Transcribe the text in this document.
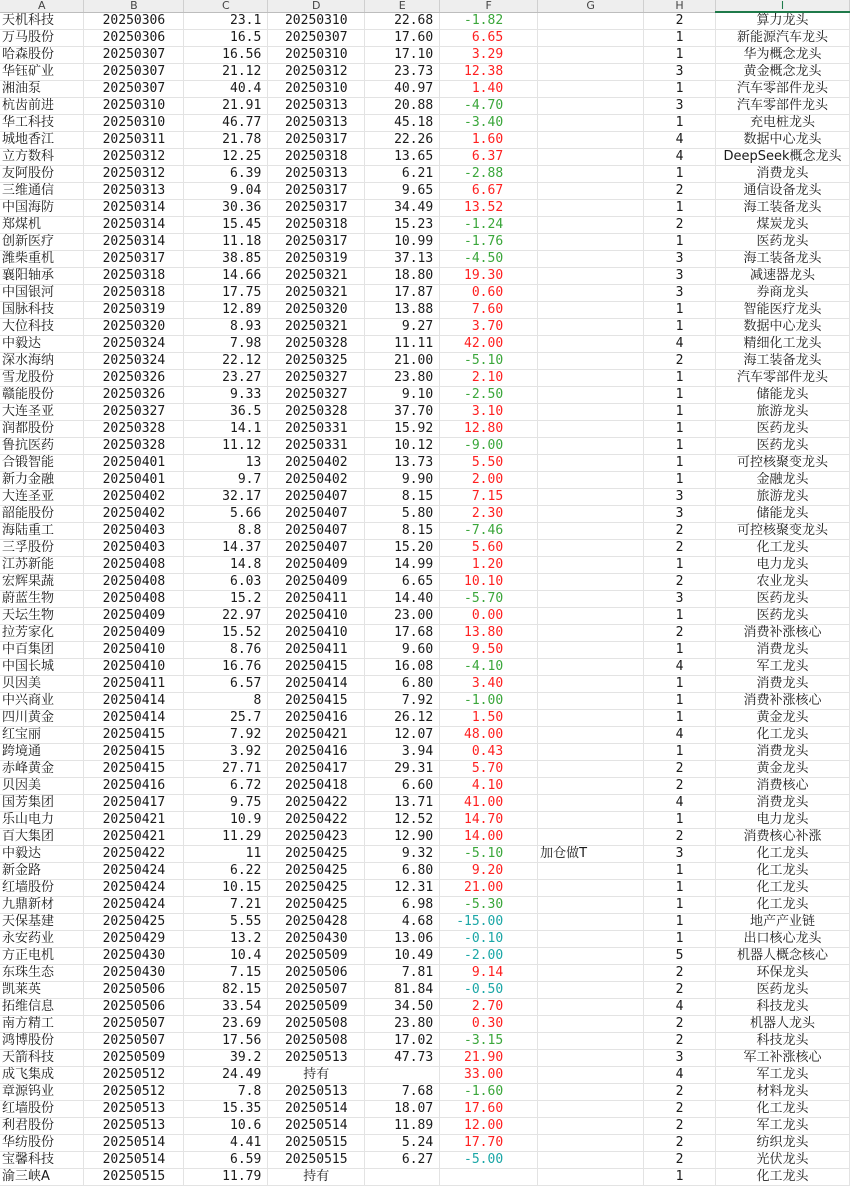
A	B	C	D	E	F	G	H	I
天机科技	20250306	23.1	20250310	22.68	-1.82		2	算力龙头
万马股份	20250306	16.5	20250307	17.60	6.65		1	新能源汽车龙头
哈森股份	20250307	16.56	20250310	17.10	3.29		1	华为概念龙头
华钰矿业	20250307	21.12	20250312	23.73	12.38		3	黄金概念龙头
湘油泵	20250307	40.4	20250310	40.97	1.40		1	汽车零部件龙头
杭齿前进	20250310	21.91	20250313	20.88	-4.70		3	汽车零部件龙头
华工科技	20250310	46.77	20250313	45.18	-3.40		1	充电桩龙头
城地香江	20250311	21.78	20250317	22.26	1.60		4	数据中心龙头
立方数科	20250312	12.25	20250318	13.65	6.37		4	DeepSeek概念龙头
友阿股份	20250312	6.39	20250313	6.21	-2.88		1	消费龙头
三维通信	20250313	9.04	20250317	9.65	6.67		2	通信设备龙头
中国海防	20250314	30.36	20250317	34.49	13.52		1	海工装备龙头
郑煤机	20250314	15.45	20250318	15.23	-1.24		2	煤炭龙头
创新医疗	20250314	11.18	20250317	10.99	-1.76		1	医药龙头
潍柴重机	20250317	38.85	20250319	37.13	-4.50		3	海工装备龙头
襄阳轴承	20250318	14.66	20250321	18.80	19.30		3	减速器龙头
中国银河	20250318	17.75	20250321	17.87	0.60		3	券商龙头
国脉科技	20250319	12.89	20250320	13.88	7.60		1	智能医疗龙头
大位科技	20250320	8.93	20250321	9.27	3.70		1	数据中心龙头
中毅达	20250324	7.98	20250328	11.11	42.00		4	精细化工龙头
深水海纳	20250324	22.12	20250325	21.00	-5.10		2	海工装备龙头
雪龙股份	20250326	23.27	20250327	23.80	2.10		1	汽车零部件龙头
赣能股份	20250326	9.33	20250327	9.10	-2.50		1	储能龙头
大连圣亚	20250327	36.5	20250328	37.70	3.10		1	旅游龙头
润都股份	20250328	14.1	20250331	15.92	12.80		1	医药龙头
鲁抗医药	20250328	11.12	20250331	10.12	-9.00		1	医药龙头
合锻智能	20250401	13	20250402	13.73	5.50		1	可控核聚变龙头
新力金融	20250401	9.7	20250402	9.90	2.00		1	金融龙头
大连圣亚	20250402	32.17	20250407	8.15	7.15		3	旅游龙头
韶能股份	20250402	5.66	20250407	5.80	2.30		3	储能龙头
海陆重工	20250403	8.8	20250407	8.15	-7.46		2	可控核聚变龙头
三孚股份	20250403	14.37	20250407	15.20	5.60		2	化工龙头
江苏新能	20250408	14.8	20250409	14.99	1.20		1	电力龙头
宏辉果蔬	20250408	6.03	20250409	6.65	10.10		2	农业龙头
蔚蓝生物	20250408	15.2	20250411	14.40	-5.70		3	医药龙头
天坛生物	20250409	22.97	20250410	23.00	0.00		1	医药龙头
拉芳家化	20250409	15.52	20250410	17.68	13.80		2	消费补涨核心
中百集团	20250410	8.76	20250411	9.60	9.50		1	消费龙头
中国长城	20250410	16.76	20250415	16.08	-4.10		4	军工龙头
贝因美	20250411	6.57	20250414	6.80	3.40		1	消费龙头
中兴商业	20250414	8	20250415	7.92	-1.00		1	消费补涨核心
四川黄金	20250414	25.7	20250416	26.12	1.50		1	黄金龙头
红宝丽	20250415	7.92	20250421	12.07	48.00		4	化工龙头
跨境通	20250415	3.92	20250416	3.94	0.43		1	消费龙头
赤峰黄金	20250415	27.71	20250417	29.31	5.70		2	黄金龙头
贝因美	20250416	6.72	20250418	6.60	4.10		2	消费核心
国芳集团	20250417	9.75	20250422	13.71	41.00		4	消费龙头
乐山电力	20250421	10.9	20250422	12.52	14.70		1	电力龙头
百大集团	20250421	11.29	20250423	12.90	14.00		2	消费核心补涨
中毅达	20250422	11	20250425	9.32	-5.10	加仓做T	3	化工龙头
新金路	20250424	6.22	20250425	6.80	9.20		1	化工龙头
红墙股份	20250424	10.15	20250425	12.31	21.00		1	化工龙头
九鼎新材	20250424	7.21	20250425	6.98	-5.30		1	化工龙头
天保基建	20250425	5.55	20250428	4.68	-15.00		1	地产产业链
永安药业	20250429	13.2	20250430	13.06	-0.10		1	出口核心龙头
方正电机	20250430	10.4	20250509	10.49	-2.00		5	机器人概念核心
东珠生态	20250430	7.15	20250506	7.81	9.14		2	环保龙头
凯莱英	20250506	82.15	20250507	81.84	-0.50		2	医药龙头
拓维信息	20250506	33.54	20250509	34.50	2.70		4	科技龙头
南方精工	20250507	23.69	20250508	23.80	0.30		2	机器人龙头
鸿博股份	20250507	17.56	20250508	17.02	-3.15		2	科技龙头
天箭科技	20250509	39.2	20250513	47.73	21.90		3	军工补涨核心
成飞集成	20250512	24.49	持有		33.00		4	军工龙头
章源钨业	20250512	7.8	20250513	7.68	-1.60		2	材料龙头
红墙股份	20250513	15.35	20250514	18.07	17.60		2	化工龙头
利君股份	20250513	10.6	20250514	11.89	12.00		2	军工龙头
华纺股份	20250514	4.41	20250515	5.24	17.70		2	纺织龙头
宝馨科技	20250514	6.59	20250515	6.27	-5.00		2	光伏龙头
渝三峡A	20250515	11.79	持有				1	化工龙头
